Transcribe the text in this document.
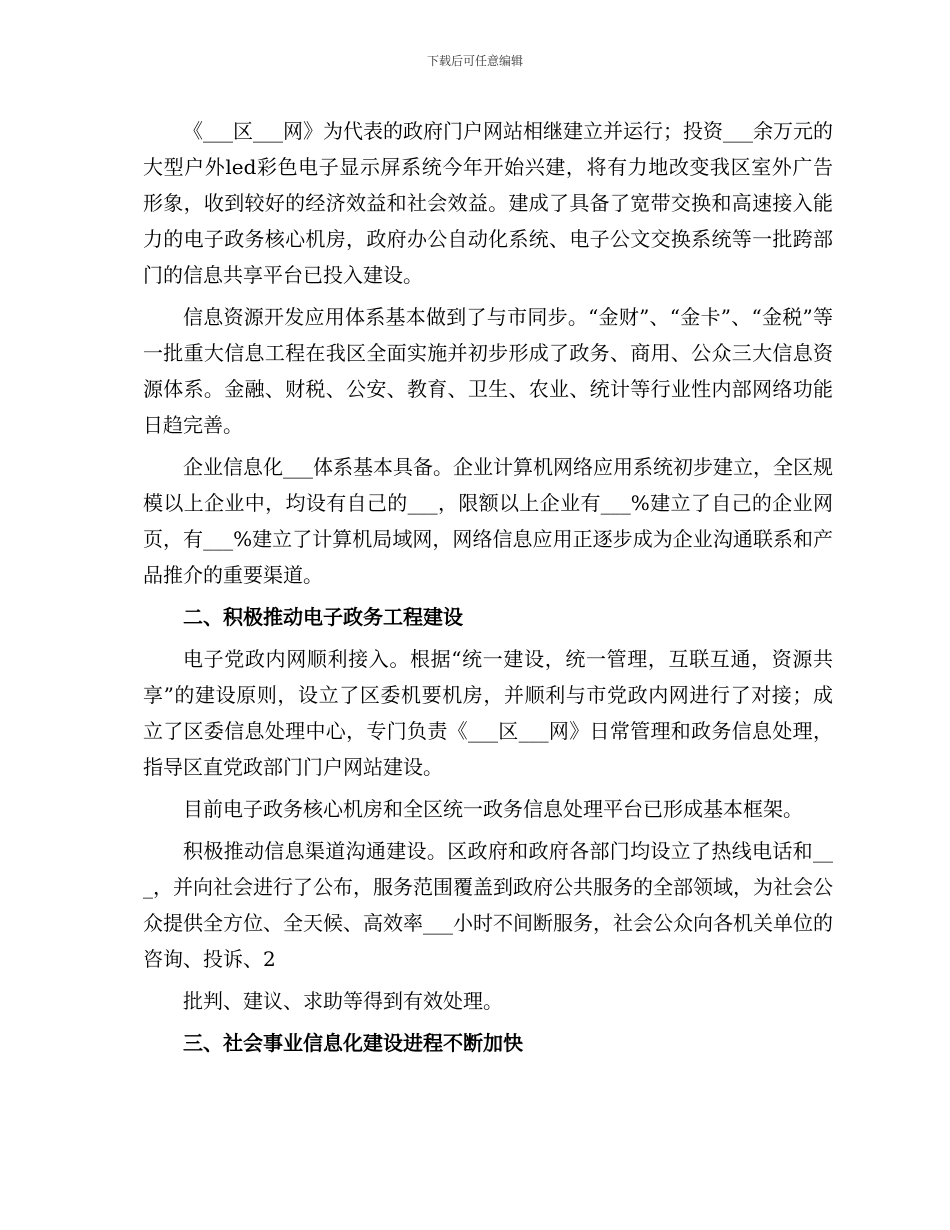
下载后可任意编辑

《___区___网》为代表的政府门户网站相继建立并运行；投资___余万元的大型户外led彩色电子显示屏系统今年开始兴建，将有力地改变我区室外广告形象，收到较好的经济效益和社会效益。建成了具备了宽带交换和高速接入能力的电子政务核心机房，政府办公自动化系统、电子公文交换系统等一批跨部门的信息共享平台已投入建设。

信息资源开发应用体系基本做到了与市同步。“金财”、“金卡”、“金税”等一批重大信息工程在我区全面实施并初步形成了政务、商用、公众三大信息资源体系。金融、财税、公安、教育、卫生、农业、统计等行业性内部网络功能日趋完善。

企业信息化___体系基本具备。企业计算机网络应用系统初步建立，全区规模以上企业中，均设有自己的___，限额以上企业有___%建立了自己的企业网页，有___%建立了计算机局域网，网络信息应用正逐步成为企业沟通联系和产品推介的重要渠道。

二、积极推动电子政务工程建设

电子党政内网顺利接入。根据“统一建设，统一管理，互联互通，资源共享”的建设原则，设立了区委机要机房，并顺利与市党政内网进行了对接；成立了区委信息处理中心，专门负责《___区___网》日常管理和政务信息处理，指导区直党政部门门户网站建设。

目前电子政务核心机房和全区统一政务信息处理平台已形成基本框架。

积极推动信息渠道沟通建设。区政府和政府各部门均设立了热线电话和___，并向社会进行了公布，服务范围覆盖到政府公共服务的全部领域，为社会公众提供全方位、全天候、高效率___小时不间断服务，社会公众向各机关单位的咨询、投诉、2

批判、建议、求助等得到有效处理。

三、社会事业信息化建设进程不断加快
